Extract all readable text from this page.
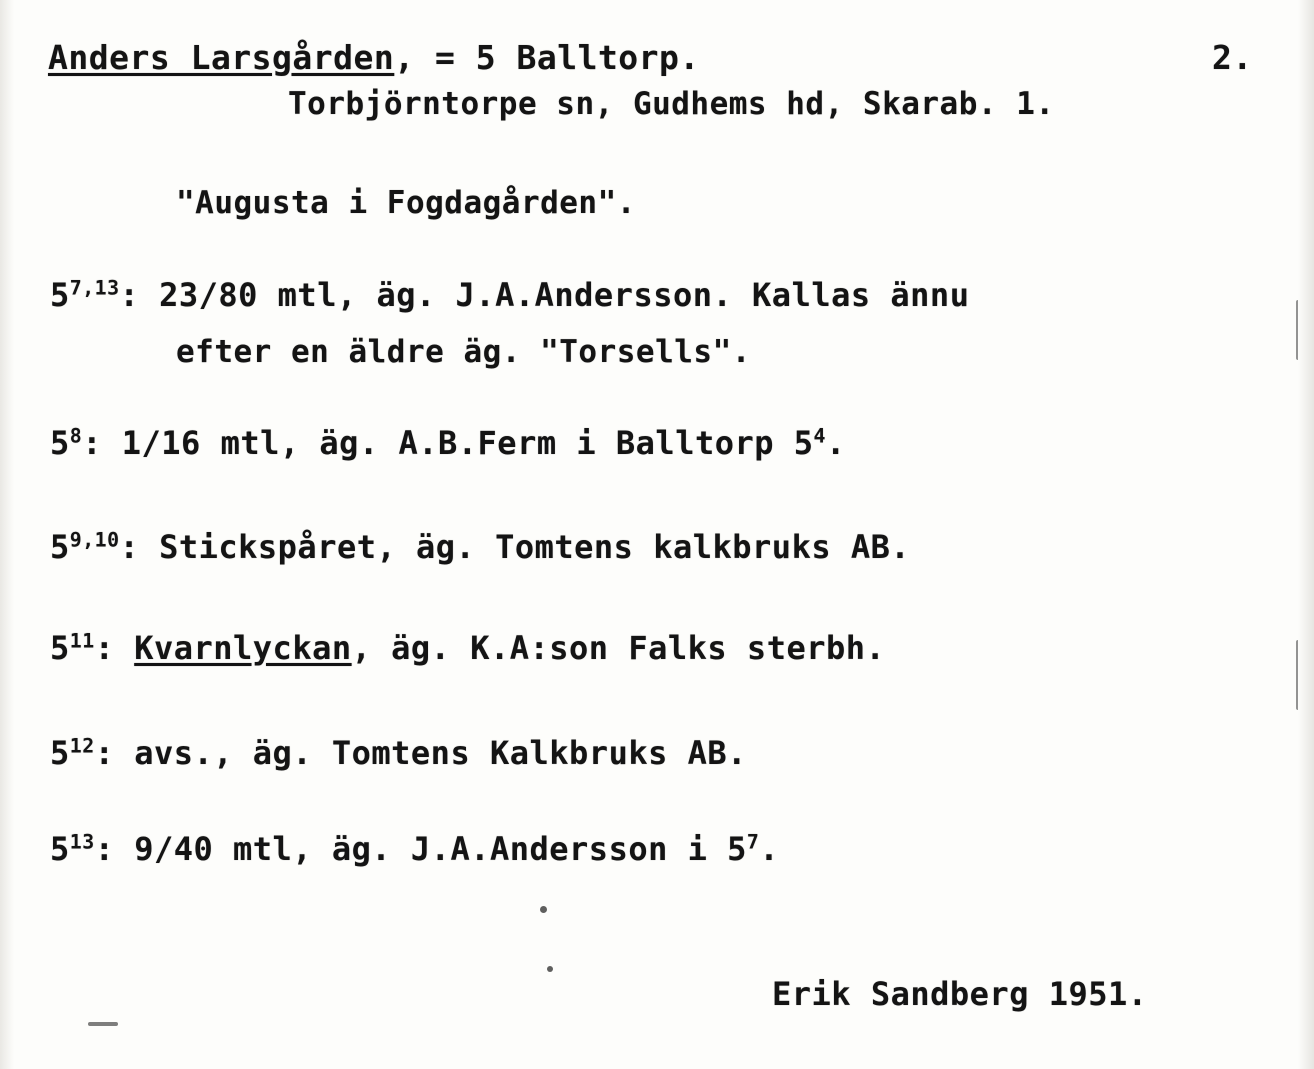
Anders Larsgården, = 5 Balltorp.	2.
Torbjörntorpe sn, Gudhems hd, Skarab. 1.
"Augusta i Fogdagården".
5$^{7,13}$: 23/80 mtl, äg. J.A.Andersson. Kallas ännu
efter en äldre äg. "Torsells".
$5^8$: 1/16 mtl, äg. A.B.Ferm i Balltorp $5^4$.
5$^{9,10}$: Stickspåret, äg. Tomtens kalkbruks AB.
$5^{11}$: Kvarnlyckan, äg. K.A:son Falks sterbh.
$5^{12}$: avs., äg. Tomtens Kalkbruks AB.
$5^{13}$: 9/40 mtl, äg. J.A.Andersson i $5^7$.
Erik Sandberg 1951.
